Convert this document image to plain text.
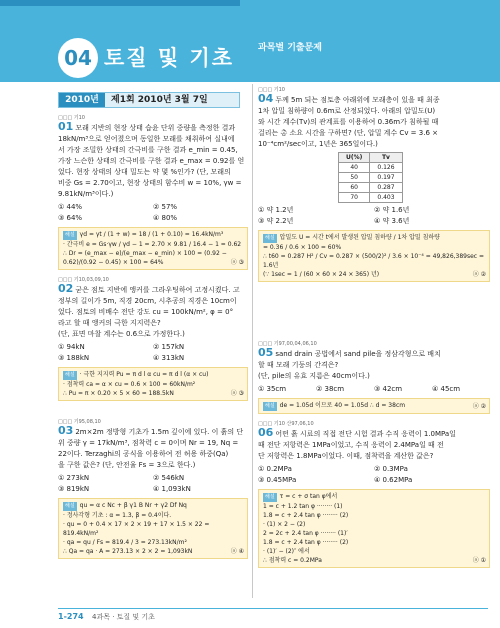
04 토질 및 기초	과목별 기출문제
2010년	제1회 2010년 3월 7일
□□□ 기10
01 모래 지반의 현장 상태 습윤 단위 중량을 측정한 결과
18kN/m³으로 얻어졌으며 동일한 모래를 채취하여 실내에
서 가장 조밀한 상태의 간극비를 구한 결과 e_min = 0.45,
가장 느슨한 상태의 간극비를 구한 결과 e_max = 0.92를 얻
었다. 현장 상태의 상대 밀도는 약 몇 %인가? (단, 모래의
비중 Gs = 2.70이고, 현장 상태의 함수비 w = 10%, γw =
9.81kN/m³이다.)
① 44%	② 57%
③ 64%	④ 80%
해설 γd = γt / (1 + w) = 18 / (1 + 0.10) = 16.4kN/m³
· 간극비 e = Gs·γw / γd − 1 = 2.70 × 9.81 / 16.4 − 1 = 0.62
∴ Dr = (e_max − e)/(e_max − e_min) × 100 = (0.92 − 0.62)/(0.92 − 0.45) × 100 = 64%	ⓐ ③
□□□ 기10,03,09,10
02 굳은 점토 지반에 앵커를 그라우팅하여 고정시켰다. 고
정부의 길이가 5m, 직경 20cm, 시추공의 직경은 10cm이
었다. 점토의 비배수 전단 강도 cu = 100kN/m², φ = 0°
라고 할 때 앵커의 극한 지지력은?
(단, 표면 마찰 계수는 0.6으로 가정한다.)
① 94kN	② 157kN
③ 188kN	④ 313kN
해설 · 극한 지지력 Pu = π d l α cu = π d l (α × cu)
· 점착력 ca = α × cu = 0.6 × 100 = 60kN/m²
∴ Pu = π × 0.20 × 5 × 60 = 188.5kN	ⓐ ③
□□□ 기95,08,10
03 2m×2m 정방형 기초가 1.5m 깊이에 있다. 이 흙의 단
위 중량 γ = 17kN/m³, 점착력 c = 0이며 Nr = 19, Nq =
22이다. Terzaghi의 공식을 이용하여 전 허용 하중(Qa)
을 구한 값은? (단, 안전율 Fs = 3으로 한다.)
① 273kN	② 546kN
③ 819kN	④ 1,093kN
해설 qu = α c Nc + β γ1 B Nr + γ2 Df Nq
· 정사각형 기초 : α = 1.3, β = 0.4이다.
· qu = 0 + 0.4 × 17 × 2 × 19 + 17 × 1.5 × 22 = 819.4kN/m²
· qa = qu / Fs = 819.4 / 3 = 273.13kN/m²
∴ Qa = qa · A = 273.13 × 2 × 2 = 1,093kN	ⓐ ④
□□□ 기10
04 두께 5m 되는 점토층 아래위에 모래층이 있을 때 최종
1차 압밀 침하량이 0.6m로 산정되었다. 아래의 압밀도(U)
와 시간 계수(Tv)의 관계표를 이용하여 0.36m가 침하될 때
걸리는 총 소요 시간을 구하면? (단, 압밀 계수 Cv = 3.6 ×
10⁻⁴cm²/sec이고, 1년은 365일이다.)
U(%)	Tv
40	0.126
50	0.197
60	0.287
70	0.403
① 약 1.2년	② 약 1.6년
③ 약 2.2년	④ 약 3.6년
해설 압밀도 U = 시간 t에서 발생된 압밀 침하량 / 1차 압밀 침하량
= 0.36 / 0.6 × 100 = 60%
∴ t60 = 0.287 H² / Cv = 0.287 × (500/2)² / 3.6 × 10⁻⁴ = 49,826,389sec = 1.6년
(∵ 1sec = 1 / (60 × 60 × 24 × 365) 년)	ⓐ ②
□□□ 기97,00,04,06,10
05 sand drain 공법에서 sand pile을 정삼각형으로 배치
할 때 모래 기둥의 간격은?
(단, pile의 유효 지름은 40cm이다.)
① 35cm	② 38cm	③ 42cm	④ 45cm
해설 de = 1.05d 이므로 40 = 1.05d ∴ d = 38cm	ⓐ ②
□□□ 기10 산97,06,10
06 어떤 흙 시료의 직접 전단 시험 결과 수직 응력이 1.0MPa일
때 전단 저항력은 1MPa이었고, 수직 응력이 2.4MPa일 때 전
단 저항력은 1.8MPa이었다. 이때, 점착력을 계산한 값은?
① 0.2MPa	② 0.3MPa
③ 0.45MPa	④ 0.62MPa
해설 τ = c + σ tan φ에서
1 = c + 1.2 tan φ ········ (1)
1.8 = c + 2.4 tan φ ········ (2)
· (1) × 2 − (2)
2 = 2c + 2.4 tan φ ········ (1)′
1.8 = c + 2.4 tan φ ········ (2)
· (1)′ − (2)″ 에서
∴ 점착력 c = 0.2MPa	ⓐ ①
1-274 4과목 · 토질 및 기초
